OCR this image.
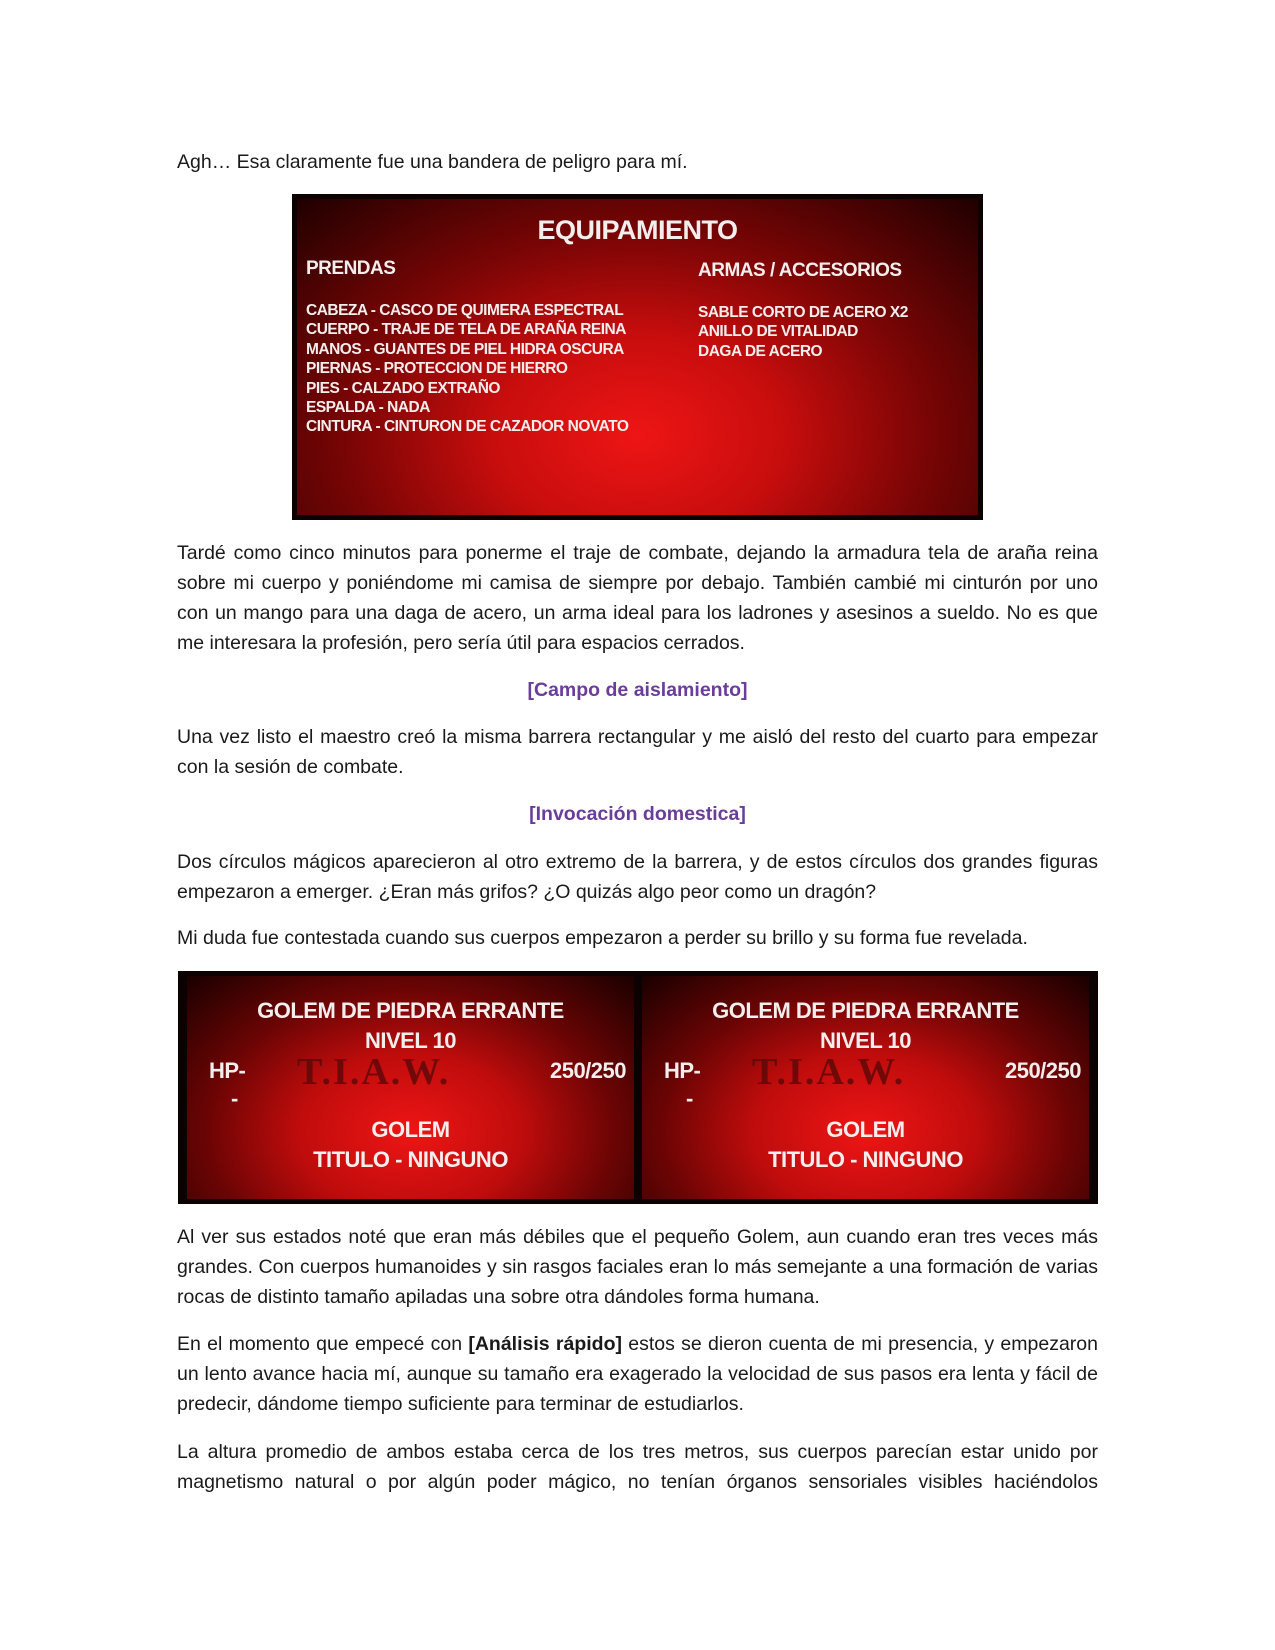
Agh… Esa claramente fue una bandera de peligro para mí.

EQUIPAMIENTO
PRENDAS
CABEZA - CASCO DE QUIMERA ESPECTRAL
CUERPO - TRAJE DE TELA DE ARAÑA REINA
MANOS - GUANTES DE PIEL HIDRA OSCURA
PIERNAS - PROTECCION DE HIERRO
PIES - CALZADO EXTRAÑO
ESPALDA - NADA
CINTURA - CINTURON DE CAZADOR NOVATO
ARMAS / ACCESORIOS
SABLE CORTO DE ACERO X2
ANILLO DE VITALIDAD
DAGA DE ACERO

Tardé como cinco minutos para ponerme el traje de combate, dejando la armadura tela de araña reina sobre mi cuerpo y poniéndome mi camisa de siempre por debajo. También cambié mi cinturón por uno con un mango para una daga de acero, un arma ideal para los ladrones y asesinos a sueldo. No es que me interesara la profesión, pero sería útil para espacios cerrados.

[Campo de aislamiento]

Una vez listo el maestro creó la misma barrera rectangular y me aisló del resto del cuarto para empezar con la sesión de combate.

[Invocación domestica]

Dos círculos mágicos aparecieron al otro extremo de la barrera, y de estos círculos dos grandes figuras empezaron a emerger. ¿Eran más grifos? ¿O quizás algo peor como un dragón?

Mi duda fue contestada cuando sus cuerpos empezaron a perder su brillo y su forma fue revelada.

T.I.A.W.
GOLEM DE PIEDRA ERRANTE
NIVEL 10
HP-	250/250
-
GOLEM
TITULO - NINGUNO
T.I.A.W.
GOLEM DE PIEDRA ERRANTE
NIVEL 10
HP-	250/250
-
GOLEM
TITULO - NINGUNO

Al ver sus estados noté que eran más débiles que el pequeño Golem, aun cuando eran tres veces más grandes. Con cuerpos humanoides y sin rasgos faciales eran lo más semejante a una formación de varias rocas de distinto tamaño apiladas una sobre otra dándoles forma humana.

En el momento que empecé con [Análisis rápido] estos se dieron cuenta de mi presencia, y empezaron un lento avance hacia mí, aunque su tamaño era exagerado la velocidad de sus pasos era lenta y fácil de predecir, dándome tiempo suficiente para terminar de estudiarlos.

La altura promedio de ambos estaba cerca de los tres metros, sus cuerpos parecían estar unido por magnetismo natural o por algún poder mágico, no tenían órganos sensoriales visibles haciéndolos
